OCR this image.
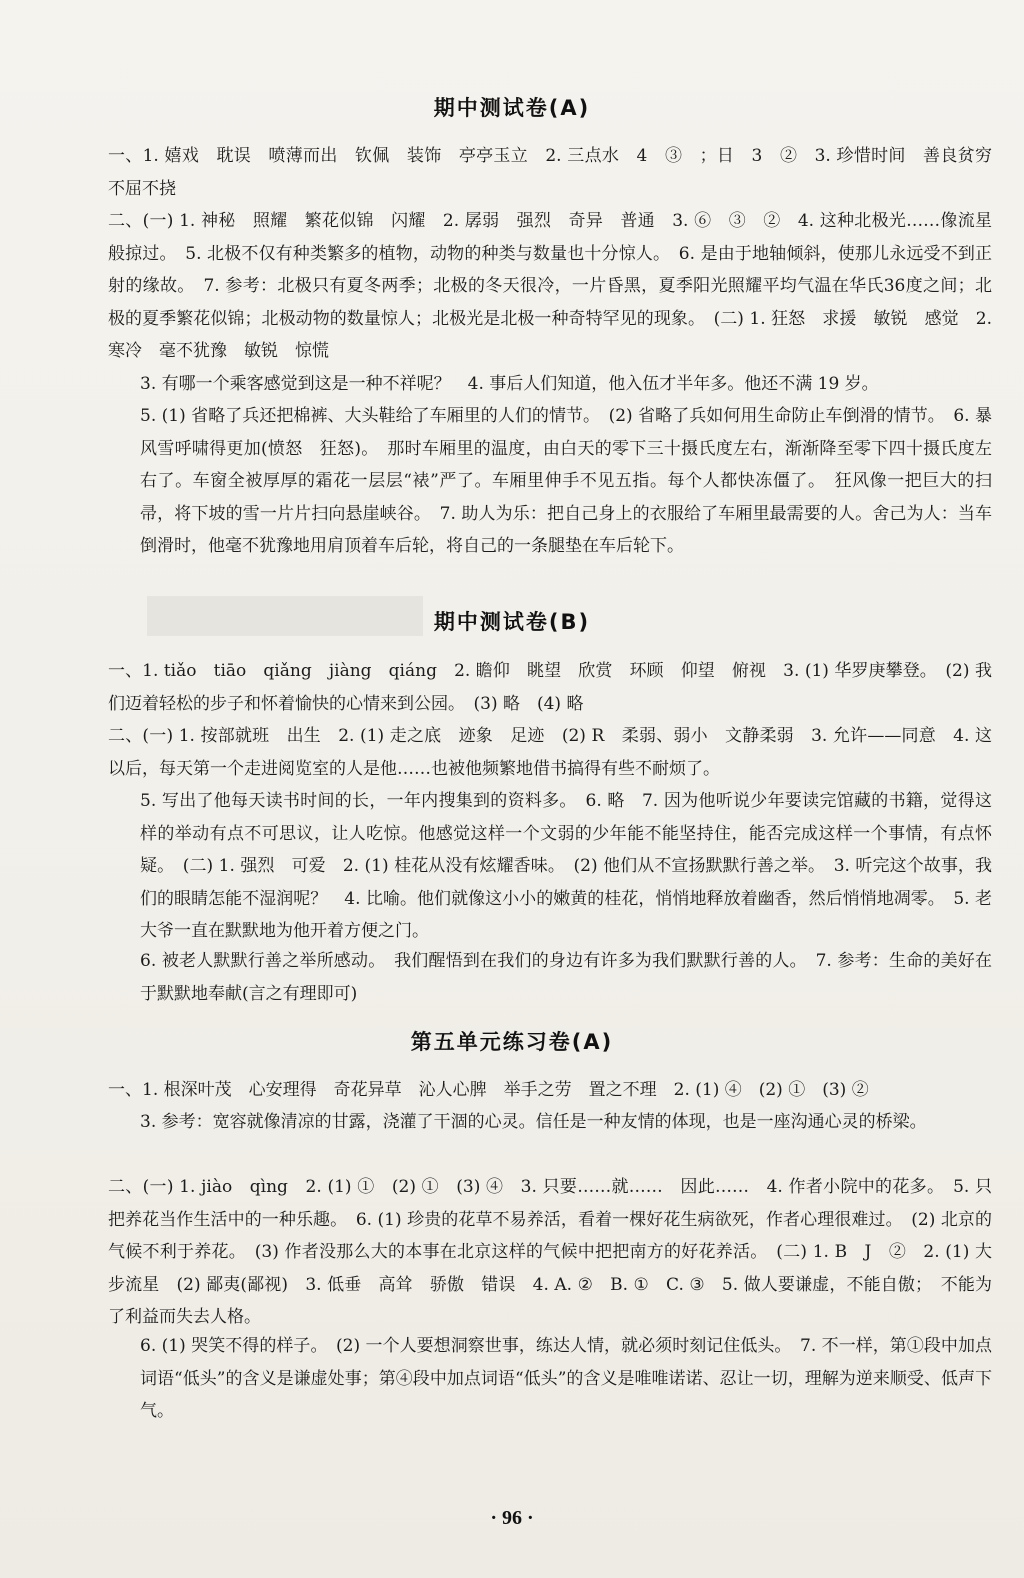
期中测试卷(A)
一、1. 嬉戏　耽误　喷薄而出　钦佩　装饰　亭亭玉立　2. 三点水　4　③　；日　3　②　3. 珍惜时间　善良贫穷　不屈不挠
二、(一) 1. 神秘　照耀　繁花似锦　闪耀　2. 孱弱　强烈　奇异　普通　3. ⑥　③　②　4. 这种北极光……像流星般掠过。　5. 北极不仅有种类繁多的植物，动物的种类与数量也十分惊人。　6. 是由于地轴倾斜，使那儿永远受不到正射的缘故。　7. 参考：北极只有夏冬两季；北极的冬天很冷，一片昏黑，夏季阳光照耀平均气温在华氏36度之间；北极的夏季繁花似锦；北极动物的数量惊人；北极光是北极一种奇特罕见的现象。　(二) 1. 狂怒　求援　敏锐　感觉　2. 寒冷　毫不犹豫　敏锐　惊慌
3. 有哪一个乘客感觉到这是一种不祥呢？　4. 事后人们知道，他入伍才半年多。他还不满 19 岁。
5. (1) 省略了兵还把棉裤、大头鞋给了车厢里的人们的情节。　(2) 省略了兵如何用生命防止车倒滑的情节。　6. 暴风雪呼啸得更加(愤怒　狂怒)。　那时车厢里的温度，由白天的零下三十摄氏度左右，渐渐降至零下四十摄氏度左右了。车窗全被厚厚的霜花一层层“裱”严了。车厢里伸手不见五指。每个人都快冻僵了。　狂风像一把巨大的扫帚，将下坡的雪一片片扫向悬崖峡谷。　7. 助人为乐：把自己身上的衣服给了车厢里最需要的人。舍己为人：当车倒滑时，他毫不犹豫地用肩顶着车后轮，将自己的一条腿垫在车后轮下。
期中测试卷(B)
一、1. tiǎo　tiāo　qiǎng　jiàng　qiáng　2. 瞻仰　眺望　欣赏　环顾　仰望　俯视　3. (1) 华罗庚攀登。　(2) 我们迈着轻松的步子和怀着愉快的心情来到公园。　(3) 略　(4) 略
二、(一) 1. 按部就班　出生　2. (1) 走之底　迹象　足迹　(2) R　柔弱、弱小　文静柔弱　3. 允许——同意　4. 这以后，每天第一个走进阅览室的人是他……也被他频繁地借书搞得有些不耐烦了。
5. 写出了他每天读书时间的长，一年内搜集到的资料多。　6. 略　7. 因为他听说少年要读完馆藏的书籍，觉得这样的举动有点不可思议，让人吃惊。他感觉这样一个文弱的少年能不能坚持住，能否完成这样一个事情，有点怀疑。　(二) 1. 强烈　可爱　2. (1) 桂花从没有炫耀香味。　(2) 他们从不宣扬默默行善之举。　3. 听完这个故事，我们的眼睛怎能不湿润呢？　4. 比喻。他们就像这小小的嫩黄的桂花，悄悄地释放着幽香，然后悄悄地凋零。　5. 老大爷一直在默默地为他开着方便之门。
6. 被老人默默行善之举所感动。　我们醒悟到在我们的身边有许多为我们默默行善的人。　7. 参考：生命的美好在于默默地奉献(言之有理即可)
第五单元练习卷(A)
一、1. 根深叶茂　心安理得　奇花异草　沁人心脾　举手之劳　置之不理　2. (1) ④　(2) ①　(3) ②
3. 参考：宽容就像清凉的甘露，浇灌了干涸的心灵。信任是一种友情的体现，也是一座沟通心灵的桥梁。
二、(一) 1. jiào　qìng　2. (1) ①　(2) ①　(3) ④　3. 只要……就……　因此……　4. 作者小院中的花多。　5. 只把养花当作生活中的一种乐趣。　6. (1) 珍贵的花草不易养活，看着一棵好花生病欲死，作者心理很难过。　(2) 北京的气候不利于养花。　(3) 作者没那么大的本事在北京这样的气候中把把南方的好花养活。　(二) 1. B　J　②　2. (1) 大步流星　(2) 鄙夷(鄙视)　3. 低垂　高耸　骄傲　错误　4. A. ②　B. ①　C. ③　5. 做人要谦虚，不能自傲；　不能为了利益而失去人格。
6. (1) 哭笑不得的样子。　(2) 一个人要想洞察世事，练达人情，就必须时刻记住低头。　7. 不一样，第①段中加点词语“低头”的含义是谦虚处事；第④段中加点词语“低头”的含义是唯唯诺诺、忍让一切，理解为逆来顺受、低声下气。
· 96 ·
